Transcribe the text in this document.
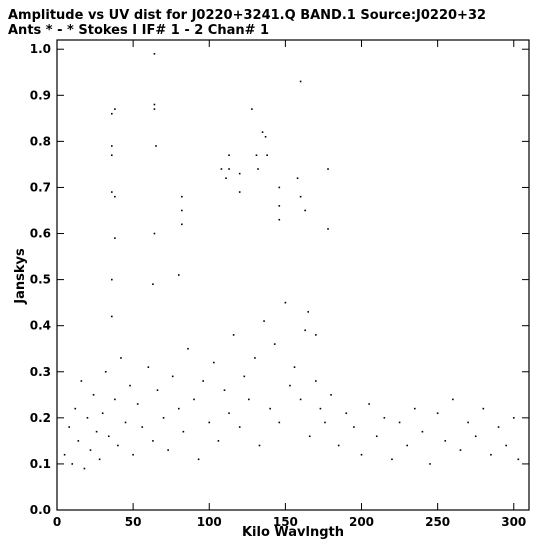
Amplitude vs UV dist for J0220+3241.Q BAND.1 Source:J0220+32
Ants * - * Stokes I IF# 1 - 2 Chan# 1
0	50	100	150	200	250	300
0.0
0.1
0.2
0.3
0.4
0.5
0.6
0.7
0.8
0.9
1.0
Kilo Wavlngth
Janskys
